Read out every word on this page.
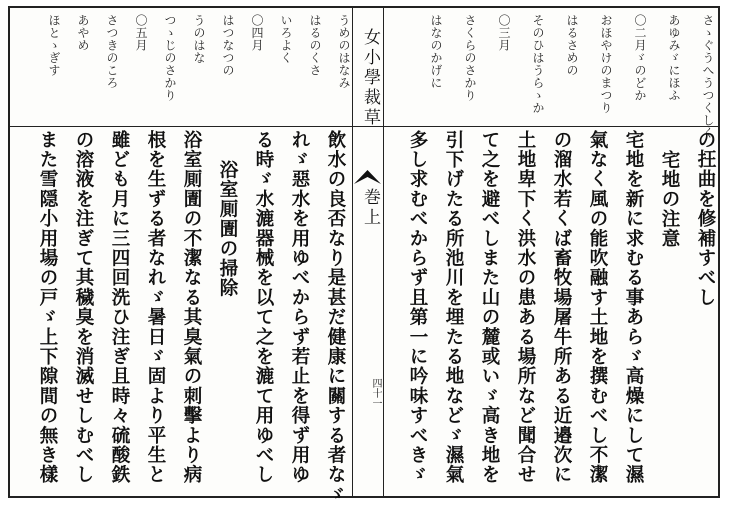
うめのはなみ
はるのくさ
いろよく
〇四月
はつなつの
うのはな
つゝじのさかり
〇五月
さつきのころ
あやめ
ほとゝぎす	さゝぐうへうつくしく
あゆみゞにほふ
〇二月ゞのどか
おほやけのまつり
はるさめの
そのひはうらゝか
〇三月
さくらのさかり
はなのかげに
女小學裁草
巻上
四十一
の抂曲を修補すべし
宅地の注意
宅地を新に求むる事あらゞ高燥にして濕
氣なく風の能吹融す土地を撰むべし不潔
の溜水若くば畜牧場屠牛所ある近邉次に
土地卑下く洪水の患ある場所など聞合せ
て之を避べしまた山の麓或いゞ高き地を
引下げたる所池川を埋たる地などゞ濕氣
多し求むべからず且第一に吟味すべきゞ
飲水の良否なり是甚だ健康に關する者なゞ
れゞ惡水を用ゆべからず若止を得ず用ゆ
る時ゞ水漉器械を以て之を漉て用ゆべし
浴室厠圊の掃除
浴室厠圊の不潔なる其臭氣の刺擊より病
根を生ずる者なれゞ暑日ゞ固より平生と
雖ども月に三四回洗ひ注ぎ且時々硫酸鉄
の溶液を注ぎて其穢臭を消滅せしむべし
また雪隠小用場の戸ゞ上下隙間の無き樣
